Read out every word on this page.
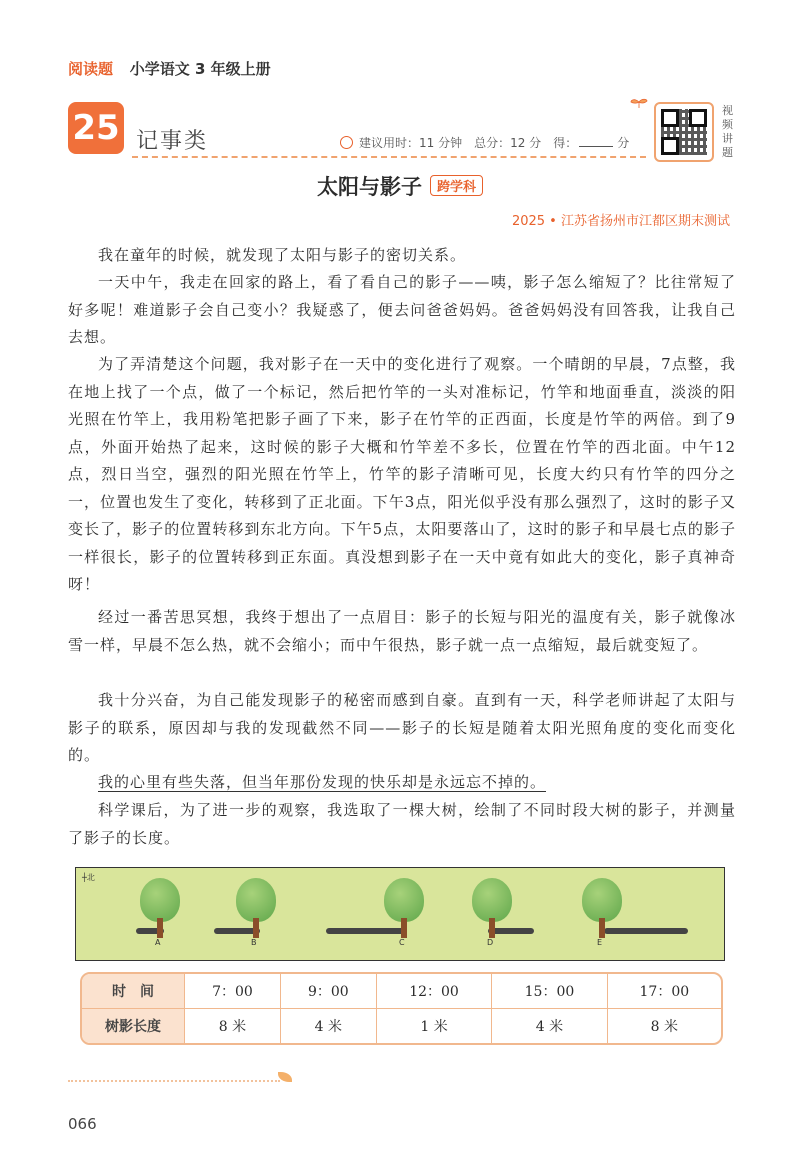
阅读题 小学语文 3 年级上册
25 记事类	建议用时：11 分钟 总分：12 分 得：	分
视频讲题
太阳与影子 跨学科
2025 • 江苏省扬州市江都区期末测试

我在童年的时候，就发现了太阳与影子的密切关系。

一天中午，我走在回家的路上，看了看自己的影子——咦，影子怎么缩短了？比往常短了好多呢！难道影子会自己变小？我疑惑了，便去问爸爸妈妈。爸爸妈妈没有回答我，让我自己去想。

为了弄清楚这个问题，我对影子在一天中的变化进行了观察。一个晴朗的早晨，7点整，我在地上找了一个点，做了一个标记，然后把竹竿的一头对准标记，竹竿和地面垂直，淡淡的阳光照在竹竿上，我用粉笔把影子画了下来，影子在竹竿的正西面，长度是竹竿的两倍。到了9点，外面开始热了起来，这时候的影子大概和竹竿差不多长，位置在竹竿的西北面。中午12点，烈日当空，强烈的阳光照在竹竿上，竹竿的影子清晰可见，长度大约只有竹竿的四分之一，位置也发生了变化，转移到了正北面。下午3点，阳光似乎没有那么强烈了，这时的影子又变长了，影子的位置转移到东北方向。下午5点，太阳要落山了，这时的影子和早晨七点的影子一样很长，影子的位置转移到正东面。真没想到影子在一天中竟有如此大的变化，影子真神奇呀！

经过一番苦思冥想，我终于想出了一点眉目：影子的长短与阳光的温度有关，影子就像冰雪一样，早晨不怎么热，就不会缩小；而中午很热，影子就一点一点缩短，最后就变短了。

我十分兴奋，为自己能发现影子的秘密而感到自豪。直到有一天，科学老师讲起了太阳与影子的联系，原因却与我的发现截然不同——影子的长短是随着太阳光照角度的变化而变化的。

我的心里有些失落，但当年那份发现的快乐却是永远忘不掉的。

科学课后，为了进一步的观察，我选取了一棵大树，绘制了不同时段大树的影子，并测量了影子的长度。

┼北
A	B	C	D	E
时　间	7：00	9：00	12：00	15：00	17：00
树影长度	8 米	4 米	1 米	4 米	8 米
066
